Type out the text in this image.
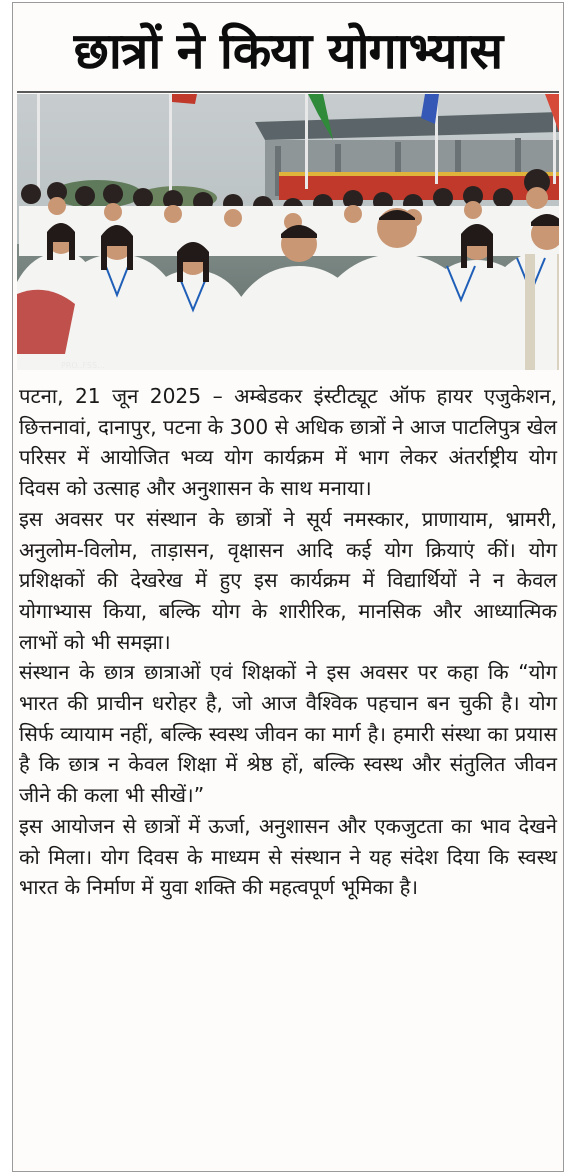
छात्रों ने किया योगाभ्यास
PRO..FSS...

पटना, 21 जून 2025 – अम्बेडकर इंस्टीट्यूट ऑफ हायर एजुकेशन, छित्तनावां, दानापुर, पटना के 300 से अधिक छात्रों ने आज पाटलिपुत्र खेल परिसर में आयोजित भव्य योग कार्यक्रम में भाग लेकर अंतर्राष्ट्रीय योग दिवस को उत्साह और अनुशासन के साथ मनाया।

इस अवसर पर संस्थान के छात्रों ने सूर्य नमस्कार, प्राणायाम, भ्रामरी, अनुलोम-विलोम, ताड़ासन, वृक्षासन आदि कई योग क्रियाएं कीं। योग प्रशिक्षकों की देखरेख में हुए इस कार्यक्रम में विद्यार्थियों ने न केवल योगाभ्यास किया, बल्कि योग के शारीरिक, मानसिक और आध्यात्मिक लाभों को भी समझा।

संस्थान के छात्र छात्राओं एवं शिक्षकों ने इस अवसर पर कहा कि “योग भारत की प्राचीन धरोहर है, जो आज वैश्विक पहचान बन चुकी है। योग सिर्फ व्यायाम नहीं, बल्कि स्वस्थ जीवन का मार्ग है। हमारी संस्था का प्रयास है कि छात्र न केवल शिक्षा में श्रेष्ठ हों, बल्कि स्वस्थ और संतुलित जीवन जीने की कला भी सीखें।”

इस आयोजन से छात्रों में ऊर्जा, अनुशासन और एकजुटता का भाव देखने को मिला। योग दिवस के माध्यम से संस्थान ने यह संदेश दिया कि स्वस्थ भारत के निर्माण में युवा शक्ति की महत्वपूर्ण भूमिका है।
